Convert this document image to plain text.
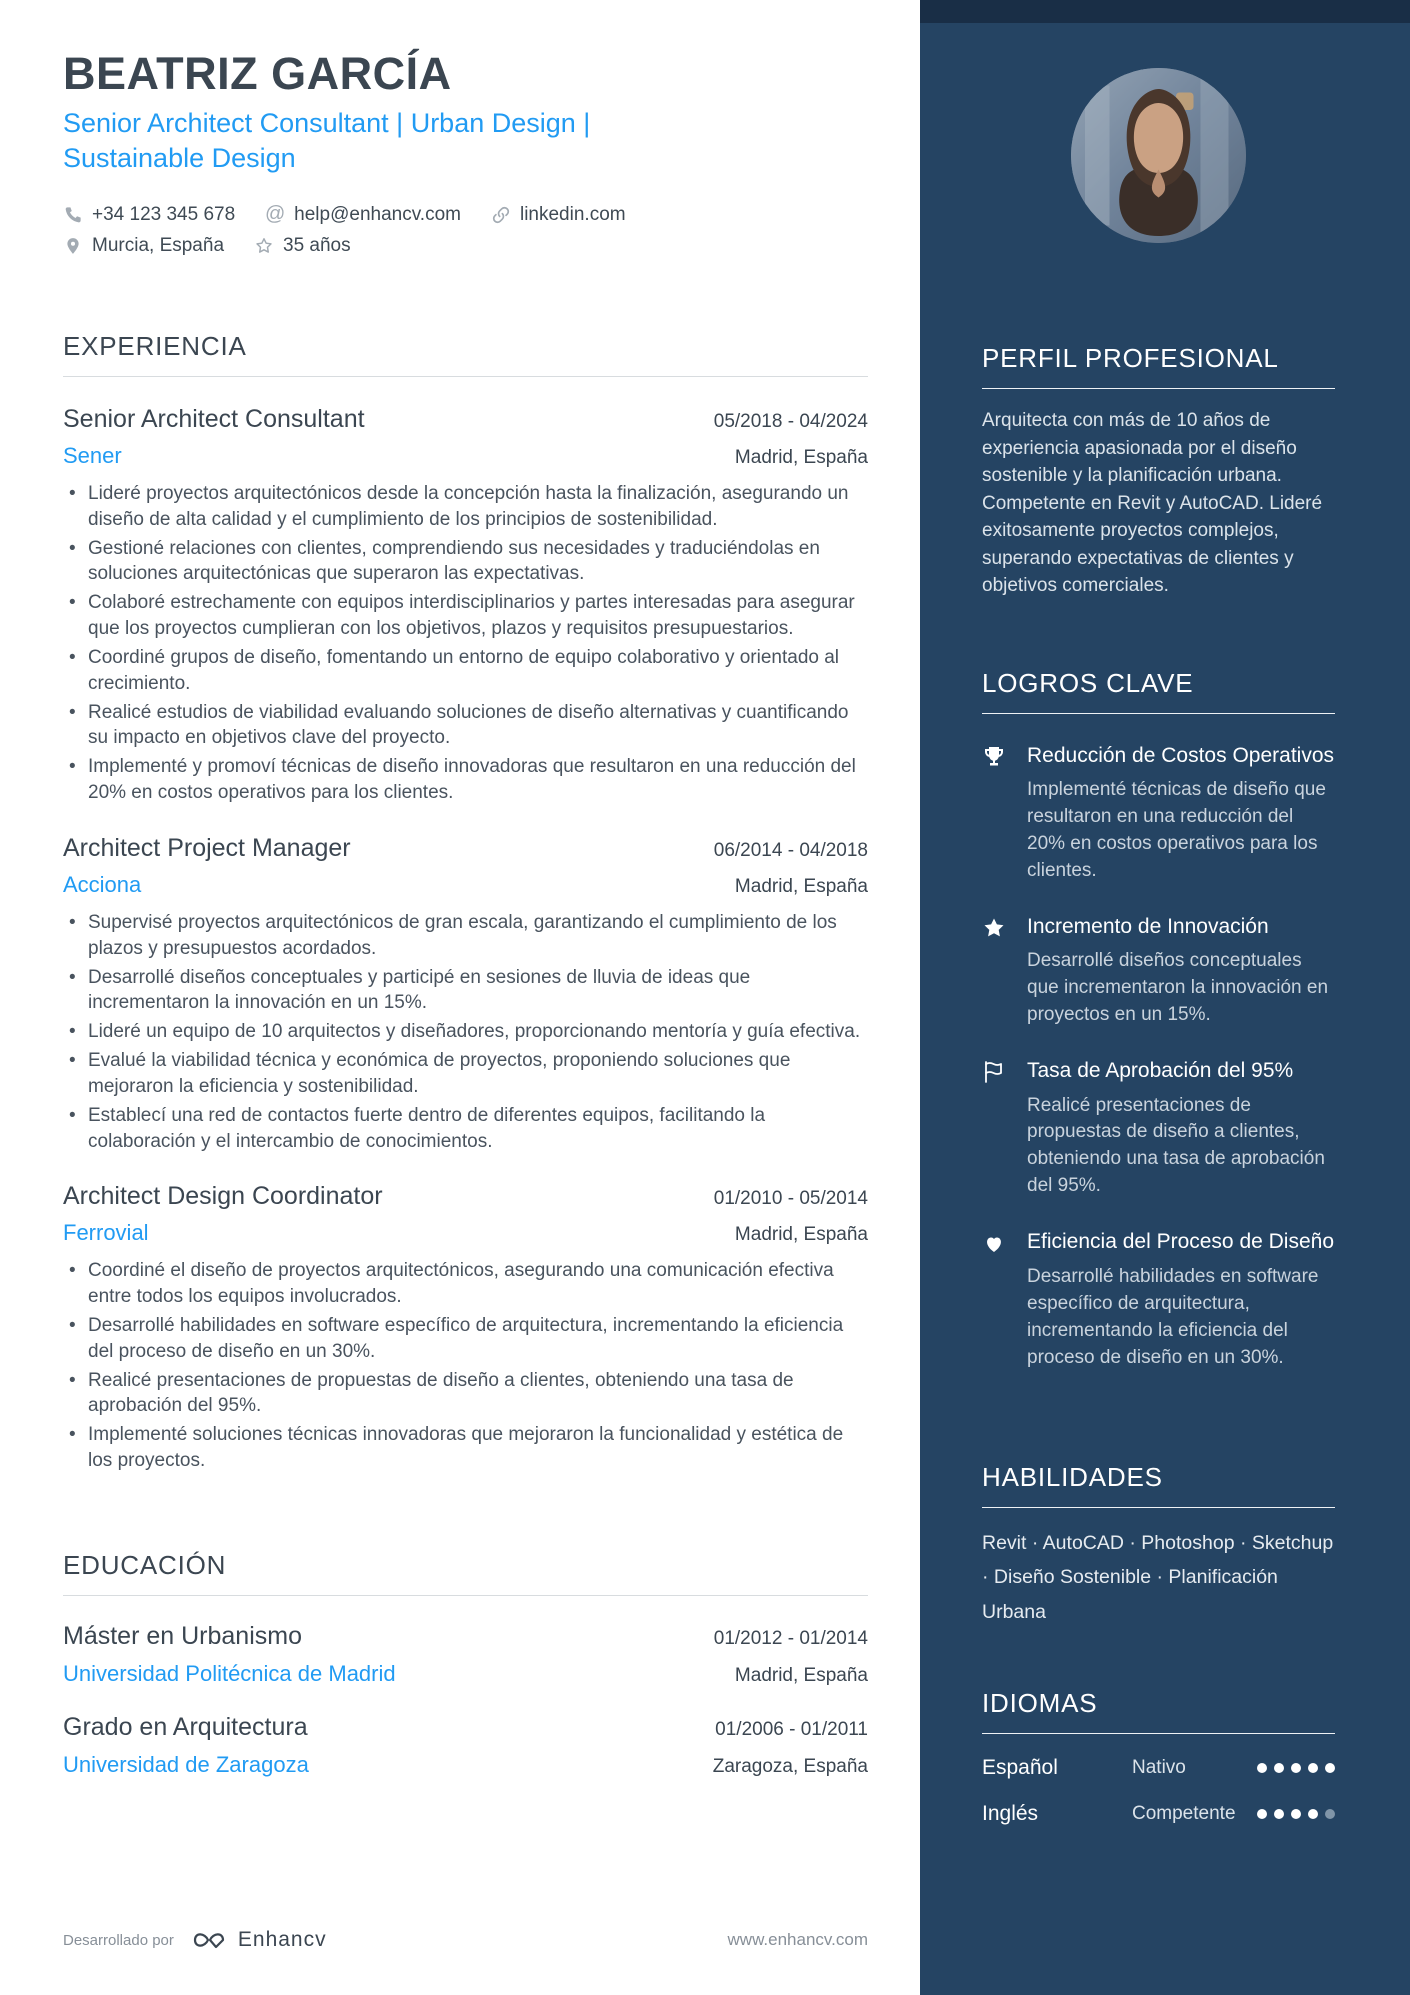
BEATRIZ GARCÍA
Senior Architect Consultant | Urban Design | Sustainable Design
+34 123 345 678 @ help@enhancv.com	linkedin.com
Murcia, España	35 años
EXPERIENCIA
Senior Architect Consultant	05/2018 - 04/2024
Sener	Madrid, España
• Lideré proyectos arquitectónicos desde la concepción hasta la finalización, asegurando un diseño de alta calidad y el cumplimiento de los principios de sostenibilidad.
• Gestioné relaciones con clientes, comprendiendo sus necesidades y traduciéndolas en soluciones arquitectónicas que superaron las expectativas.
• Colaboré estrechamente con equipos interdisciplinarios y partes interesadas para asegurar que los proyectos cumplieran con los objetivos, plazos y requisitos presupuestarios.
• Coordiné grupos de diseño, fomentando un entorno de equipo colaborativo y orientado al crecimiento.
• Realicé estudios de viabilidad evaluando soluciones de diseño alternativas y cuantificando su impacto en objetivos clave del proyecto.
• Implementé y promoví técnicas de diseño innovadoras que resultaron en una reducción del 20% en costos operativos para los clientes.
Architect Project Manager	06/2014 - 04/2018
Acciona	Madrid, España
• Supervisé proyectos arquitectónicos de gran escala, garantizando el cumplimiento de los plazos y presupuestos acordados.
• Desarrollé diseños conceptuales y participé en sesiones de lluvia de ideas que incrementaron la innovación en un 15%.
• Lideré un equipo de 10 arquitectos y diseñadores, proporcionando mentoría y guía efectiva.
• Evalué la viabilidad técnica y económica de proyectos, proponiendo soluciones que mejoraron la eficiencia y sostenibilidad.
• Establecí una red de contactos fuerte dentro de diferentes equipos, facilitando la colaboración y el intercambio de conocimientos.
Architect Design Coordinator	01/2010 - 05/2014
Ferrovial	Madrid, España
• Coordiné el diseño de proyectos arquitectónicos, asegurando una comunicación efectiva entre todos los equipos involucrados.
• Desarrollé habilidades en software específico de arquitectura, incrementando la eficiencia del proceso de diseño en un 30%.
• Realicé presentaciones de propuestas de diseño a clientes, obteniendo una tasa de aprobación del 95%.
• Implementé soluciones técnicas innovadoras que mejoraron la funcionalidad y estética de los proyectos.
EDUCACIÓN
Máster en Urbanismo	01/2012 - 01/2014
Universidad Politécnica de Madrid	Madrid, España
Grado en Arquitectura	01/2006 - 01/2011
Universidad de Zaragoza	Zaragoza, España
Desarrollado por	Enhancv	www.enhancv.com
PERFIL PROFESIONAL
Arquitecta con más de 10 años de experiencia apasionada por el diseño sostenible y la planificación urbana. Competente en Revit y AutoCAD. Lideré exitosamente proyectos complejos, superando expectativas de clientes y objetivos comerciales.
LOGROS CLAVE
Reducción de Costos Operativos
Implementé técnicas de diseño que resultaron en una reducción del 20% en costos operativos para los clientes.
Incremento de Innovación
Desarrollé diseños conceptuales que incrementaron la innovación en proyectos en un 15%.
Tasa de Aprobación del 95%
Realicé presentaciones de propuestas de diseño a clientes, obteniendo una tasa de aprobación del 95%.
Eficiencia del Proceso de Diseño
Desarrollé habilidades en software específico de arquitectura, incrementando la eficiencia del proceso de diseño en un 30%.
HABILIDADES
Revit · AutoCAD · Photoshop · Sketchup · Diseño Sostenible · Planificación Urbana
IDIOMAS
Español	Nativo
Inglés	Competente
